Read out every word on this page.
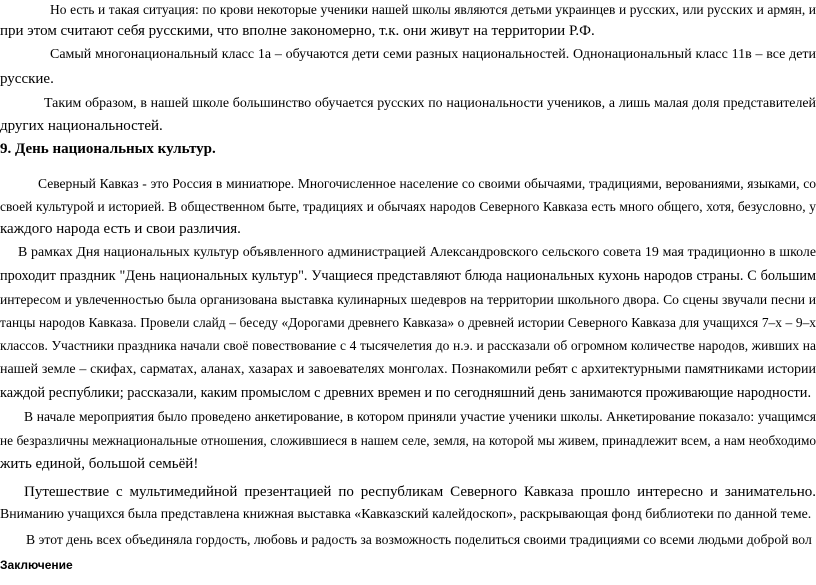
Но есть и такая ситуация: по крови некоторые ученики нашей школы являются детьми украинцев и русских, или русских и армян, и
при этом считают себя русскими, что вполне закономерно, т.к. они живут на территории Р.Ф.
Самый многонациональный класс 1а – обучаются дети семи разных национальностей. Однонациональный класс 11в – все дети
русские.
Таким образом, в нашей школе большинство обучается русских по национальности учеников, а лишь малая доля представителей
других национальностей.
9. День национальных культур.
Северный Кавказ - это Россия в миниатюре. Многочисленное население со своими обычаями, традициями, верованиями, языками, со
своей культурой и историей. В общественном быте, традициях и обычаях народов Северного Кавказа есть много общего, хотя, безусловно, у
каждого народа есть и свои различия.
В рамках Дня национальных культур объявленного администрацией Александровского сельского совета 19 мая традиционно в школе
проходит праздник "День национальных культур". Учащиеся представляют блюда национальных кухонь народов страны. С большим
интересом и увлеченностью была организована выставка кулинарных шедевров на территории школьного двора. Со сцены звучали песни и
танцы народов Кавказа. Провели слайд – беседу «Дорогами древнего Кавказа» о древней истории Северного Кавказа для учащихся 7–х – 9–х
классов. Участники праздника начали своё повествование с 4 тысячелетия до н.э. и рассказали об огромном количестве народов, живших на
нашей земле – скифах, сарматах, аланах, хазарах и завоевателях монголах. Познакомили ребят с архитектурными памятниками истории
каждой республики; рассказали, каким промыслом с древних времен и по сегодняшний день занимаются проживающие народности.
В начале мероприятия было проведено анкетирование, в котором приняли участие ученики школы. Анкетирование показало: учащимся
не безразличны межнациональные отношения, сложившиеся в нашем селе, земля, на которой мы живем, принадлежит всем, а нам необходимо
жить единой, большой семьёй!
Путешествие с мультимедийной презентацией по республикам Северного Кавказа прошло интересно и занимательно.
Вниманию учащихся была представлена книжная выставка «Кавказский калейдоскоп», раскрывающая фонд библиотеки по данной теме.
В этот день всех объединяла гордость, любовь и радость за возможность поделиться своими традициями со всеми людьми доброй вол
Заключение
